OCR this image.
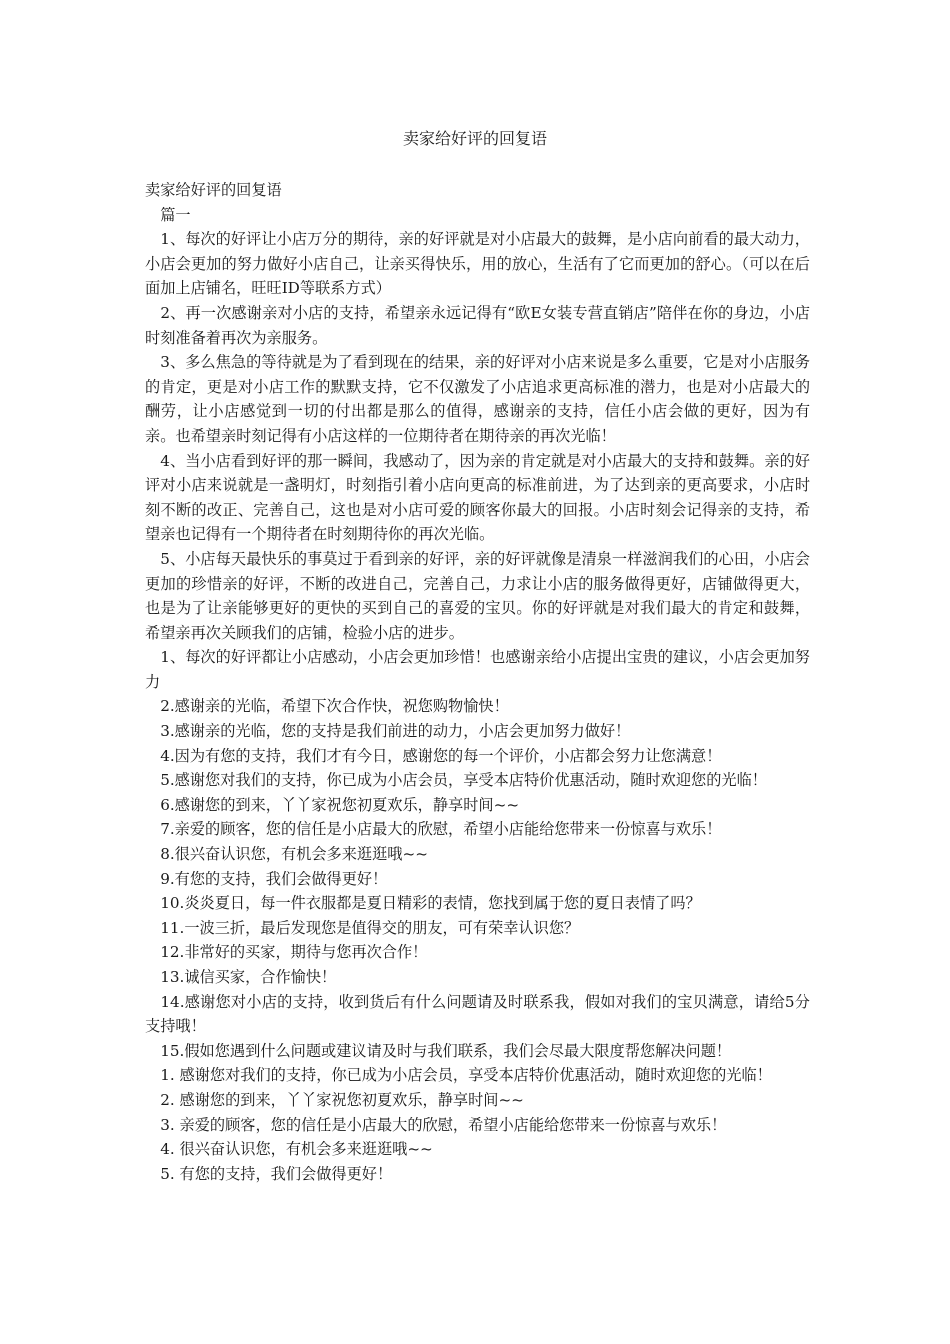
卖家给好评的回复语

卖家给好评的回复语

　篇一

　1、每次的好评让小店万分的期待，亲的好评就是对小店最大的鼓舞，是小店向前看的最大动力，小店会更加的努力做好小店自己，让亲买得快乐，用的放心，生活有了它而更加的舒心。（可以在后面加上店铺名，旺旺ID等联系方式）

　2、再一次感谢亲对小店的支持，希望亲永远记得有“欧E女装专营直销店”陪伴在你的身边，小店时刻准备着再次为亲服务。

　3、多么焦急的等待就是为了看到现在的结果，亲的好评对小店来说是多么重要，它是对小店服务的肯定，更是对小店工作的默默支持，它不仅激发了小店追求更高标准的潜力，也是对小店最大的酬劳，让小店感觉到一切的付出都是那么的值得，感谢亲的支持，信任小店会做的更好，因为有亲。也希望亲时刻记得有小店这样的一位期待者在期待亲的再次光临！

　4、当小店看到好评的那一瞬间，我感动了，因为亲的肯定就是对小店最大的支持和鼓舞。亲的好评对小店来说就是一盏明灯，时刻指引着小店向更高的标准前进，为了达到亲的更高要求，小店时刻不断的改正、完善自己，这也是对小店可爱的顾客你最大的回报。小店时刻会记得亲的支持，希望亲也记得有一个期待者在时刻期待你的再次光临。

　5、小店每天最快乐的事莫过于看到亲的好评，亲的好评就像是清泉一样滋润我们的心田，小店会更加的珍惜亲的好评，不断的改进自己，完善自己，力求让小店的服务做得更好，店铺做得更大，也是为了让亲能够更好的更快的买到自己的喜爱的宝贝。你的好评就是对我们最大的肯定和鼓舞，希望亲再次关顾我们的店铺，检验小店的进步。

　1、每次的好评都让小店感动，小店会更加珍惜！也感谢亲给小店提出宝贵的建议，小店会更加努力

　2.感谢亲的光临，希望下次合作快，祝您购物愉快！

　3.感谢亲的光临，您的支持是我们前进的动力，小店会更加努力做好！

　4.因为有您的支持，我们才有今日，感谢您的每一个评价，小店都会努力让您满意！

　5.感谢您对我们的支持，你已成为小店会员，享受本店特价优惠活动，随时欢迎您的光临！

　6.感谢您的到来，丫丫家祝您初夏欢乐，静享时间~~

　7.亲爱的顾客，您的信任是小店最大的欣慰，希望小店能给您带来一份惊喜与欢乐！

　8.很兴奋认识您，有机会多来逛逛哦~~

　9.有您的支持，我们会做得更好！

　10.炎炎夏日，每一件衣服都是夏日精彩的表情，您找到属于您的夏日表情了吗？

　11.一波三折，最后发现您是值得交的朋友，可有荣幸认识您？

　12.非常好的买家，期待与您再次合作！

　13.诚信买家，合作愉快！

　14.感谢您对小店的支持，收到货后有什么问题请及时联系我，假如对我们的宝贝满意，请给5分支持哦！

　15.假如您遇到什么问题或建议请及时与我们联系，我们会尽最大限度帮您解决问题！

　1. 感谢您对我们的支持，你已成为小店会员，享受本店特价优惠活动，随时欢迎您的光临！

　2. 感谢您的到来，丫丫家祝您初夏欢乐，静享时间~~

　3. 亲爱的顾客，您的信任是小店最大的欣慰，希望小店能给您带来一份惊喜与欢乐！

　4. 很兴奋认识您，有机会多来逛逛哦~~

　5. 有您的支持，我们会做得更好！
